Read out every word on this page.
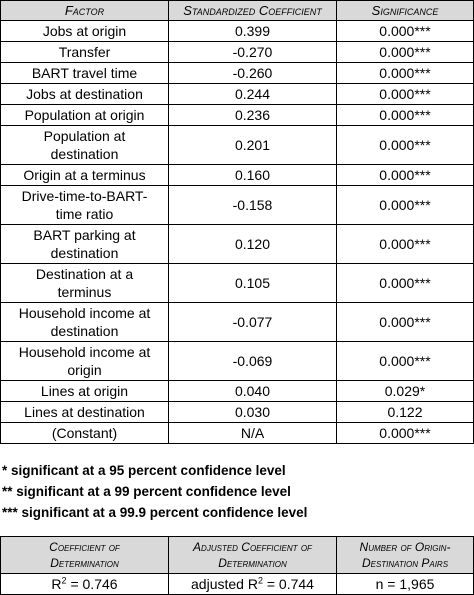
Factor	Standardized Coefficient	Significance
Jobs at origin	0.399	0.000***
Transfer	-0.270	0.000***
BART travel time	-0.260	0.000***
Jobs at destination	0.244	0.000***
Population at origin	0.236	0.000***
Population at
destination	0.201	0.000***
Origin at a terminus	0.160	0.000***
Drive-time-to-BART-
time ratio	-0.158	0.000***
BART parking at
destination	0.120	0.000***
Destination at a
terminus	0.105	0.000***
Household income at
destination	-0.077	0.000***
Household income at
origin	-0.069	0.000***
Lines at origin	0.040	0.029*
Lines at destination	0.030	0.122
(Constant)	N/A	0.000***
* significant at a 95 percent confidence level
** significant at a 99 percent confidence level
*** significant at a 99.9 percent confidence level
Coefficient of
Determination	Adjusted Coefficient of
Determination	Number of Origin-
Destination Pairs
$R^2 = 0.746$	adjusted $R^2 = 0.744$	n = 1,965
